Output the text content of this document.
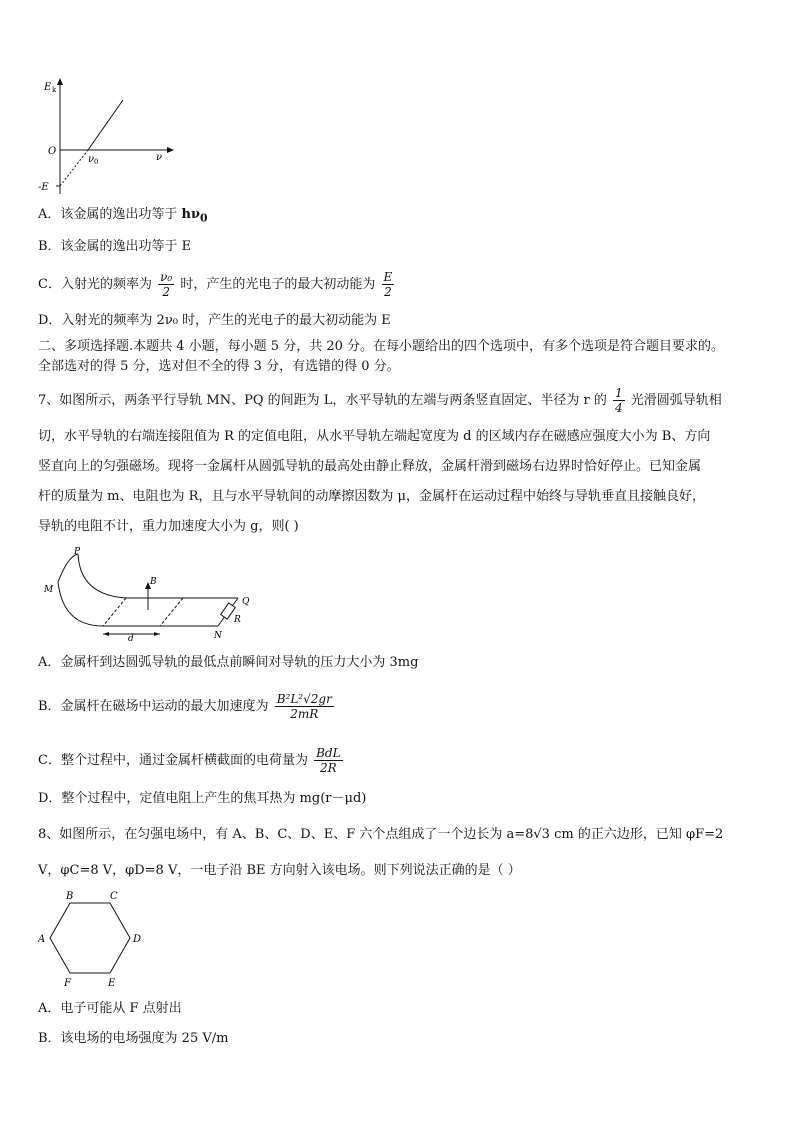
E k
O
ν 0	ν
-E
A．该金属的逸出功等于 $h\nu_0$
B．该金属的逸出功等于 E
C．入射光的频率为 $\frac{\text{ν₀}}{2}$ 时，产生的光电子的最大初动能为 $\frac{E}{2}$
D．入射光的频率为 2ν₀ 时，产生的光电子的最大初动能为 E
二、多项选择题.本题共 4 小题，每小题 5 分，共 20 分。在每小题给出的四个选项中，有多个选项是符合题目要求的。
全部选对的得 5 分，选对但不全的得 3 分，有选错的得 0 分。
7、如图所示，两条平行导轨 MN、PQ 的间距为 L，水平导轨的左端与两条竖直固定、半径为 r 的 $\frac{1}{4}$ 光滑圆弧导轨相
切，水平导轨的右端连接阻值为 R 的定值电阻，从水平导轨左端起宽度为 d 的区域内存在磁感应强度大小为 B、方向
竖直向上的匀强磁场。现将一金属杆从圆弧导轨的最高处由静止释放，金属杆滑到磁场右边界时恰好停止。已知金属
杆的质量为 m、电阻也为 R，且与水平导轨间的动摩擦因数为 μ，金属杆在运动过程中始终与导轨垂直且接触良好，
导轨的电阻不计，重力加速度大小为 g，则( )
P
M
B
Q
R
N
d
A．金属杆到达圆弧导轨的最低点前瞬间对导轨的压力大小为 3mg
B．金属杆在磁场中运动的最大加速度为 $\frac{\text{B²L²√2gr}}{2mR}$
C．整个过程中，通过金属杆横截面的电荷量为 $\frac{\text{BdL}}{2R}$
D．整个过程中，定值电阻上产生的焦耳热为 mg(r－μd)
8、如图所示，在匀强电场中，有 A、B、C、D、E、F 六个点组成了一个边长为 a=8√3 cm 的正六边形，已知 φF=2
V，φC=8 V，φD=8 V，一电子沿 BE 方向射入该电场。则下列说法正确的是（ ）
A
B	C
D
E
F
A．电子可能从 F 点射出
B．该电场的电场强度为 25 V/m
